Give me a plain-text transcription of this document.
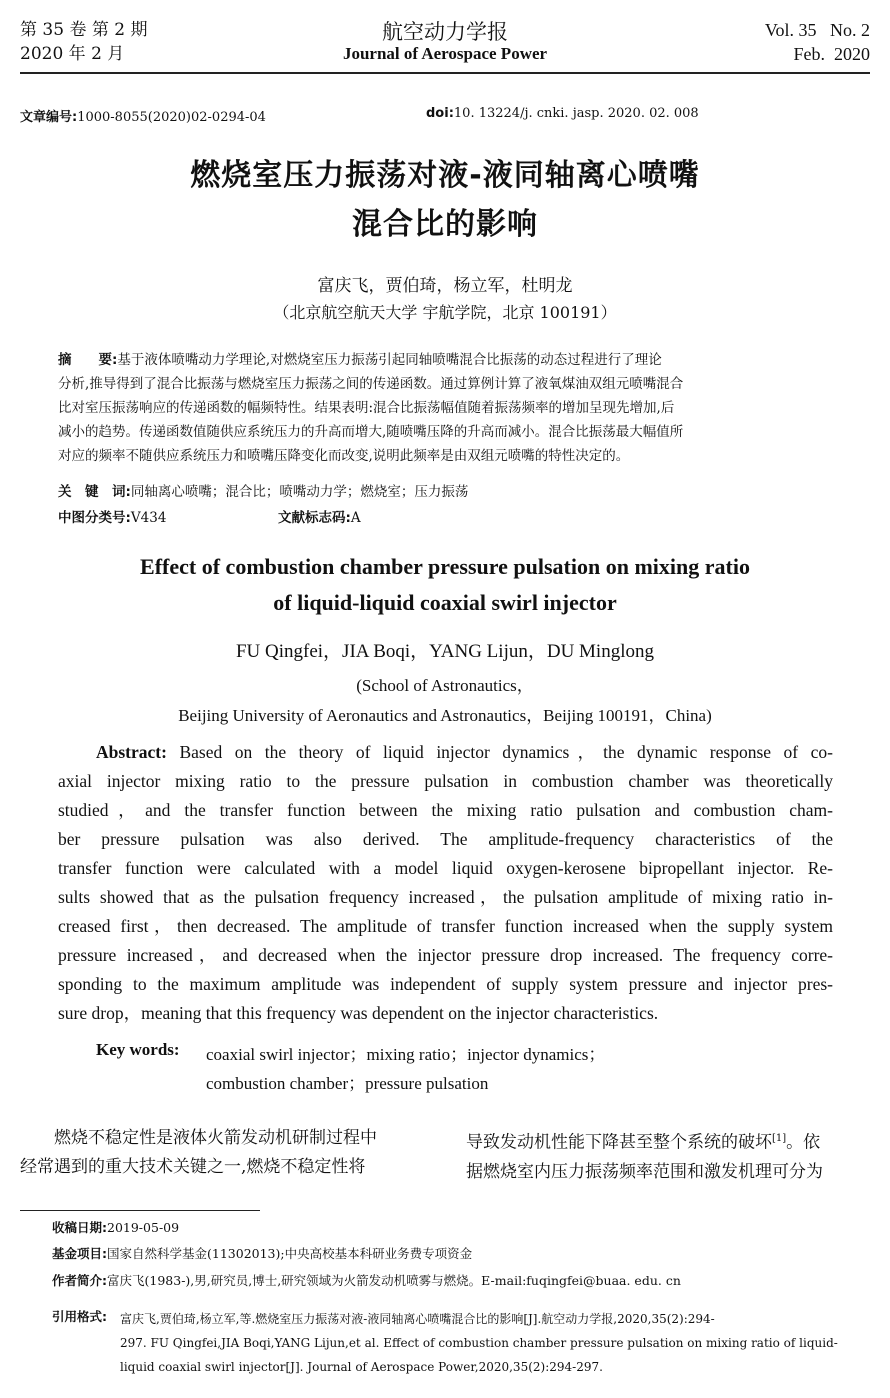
第 35 卷 第 2 期
2020 年 2 月
航空动力学报
Journal of Aerospace Power
Vol. 35   No. 2
Feb.  2020
文章编号:1000-8055(2020)02-0294-04	doi:10. 13224/j. cnki. jasp. 2020. 02. 008
燃烧室压力振荡对液-液同轴离心喷嘴
混合比的影响
富庆飞，贾伯琦，杨立军，杜明龙
（北京航空航天大学 宇航学院，北京 100191）
摘　　要:基于液体喷嘴动力学理论,对燃烧室压力振荡引起同轴喷嘴混合比振荡的动态过程进行了理论
分析,推导得到了混合比振荡与燃烧室压力振荡之间的传递函数。通过算例计算了液氧煤油双组元喷嘴混合
比对室压振荡响应的传递函数的幅频特性。结果表明:混合比振荡幅值随着振荡频率的增加呈现先增加,后
减小的趋势。传递函数值随供应系统压力的升高而增大,随喷嘴压降的升高而减小。混合比振荡最大幅值所
对应的频率不随供应系统压力和喷嘴压降变化而改变,说明此频率是由双组元喷嘴的特性决定的。
关　键　词:同轴离心喷嘴；混合比；喷嘴动力学；燃烧室；压力振荡
中图分类号:V434	文献标志码:A
Effect of combustion chamber pressure pulsation on mixing ratio
of liquid-liquid coaxial swirl injector
FU Qingfei，JIA Boqi，YANG Lijun，DU Minglong
(School of Astronautics，
Beijing University of Aeronautics and Astronautics，Beijing 100191，China)
Abstract: Based on the theory of liquid injector dynamics，the dynamic response of co-
axial injector mixing ratio to the pressure pulsation in combustion chamber was theoretically
studied，and the transfer function between the mixing ratio pulsation and combustion cham-
ber pressure pulsation was also derived. The amplitude-frequency characteristics of the
transfer function were calculated with a model liquid oxygen-kerosene bipropellant injector. Re-
sults showed that as the pulsation frequency increased，the pulsation amplitude of mixing ratio in-
creased first，then decreased. The amplitude of transfer function increased when the supply system
pressure increased，and decreased when the injector pressure drop increased. The frequency corre-
sponding to the maximum amplitude was independent of supply system pressure and injector pres-
sure drop，meaning that this frequency was dependent on the injector characteristics.
Key words: coaxial swirl injector；mixing ratio；injector dynamics；
combustion chamber；pressure pulsation
燃烧不稳定性是液体火箭发动机研制过程中
经常遇到的重大技术关键之一,燃烧不稳定性将
导致发动机性能下降甚至整个系统的破坏[1]。依
据燃烧室内压力振荡频率范围和激发机理可分为
收稿日期:2019-05-09
基金项目:国家自然科学基金(11302013);中央高校基本科研业务费专项资金
作者简介:富庆飞(1983-),男,研究员,博士,研究领域为火箭发动机喷雾与燃烧。E-mail:fuqingfei@buaa. edu. cn
引用格式: 富庆飞,贾伯琦,杨立军,等.燃烧室压力振荡对液-液同轴离心喷嘴混合比的影响[J].航空动力学报,2020,35(2):294-
297. FU Qingfei,JIA Boqi,YANG Lijun,et al. Effect of combustion chamber pressure pulsation on mixing ratio of liquid-
liquid coaxial swirl injector[J]. Journal of Aerospace Power,2020,35(2):294-297.
